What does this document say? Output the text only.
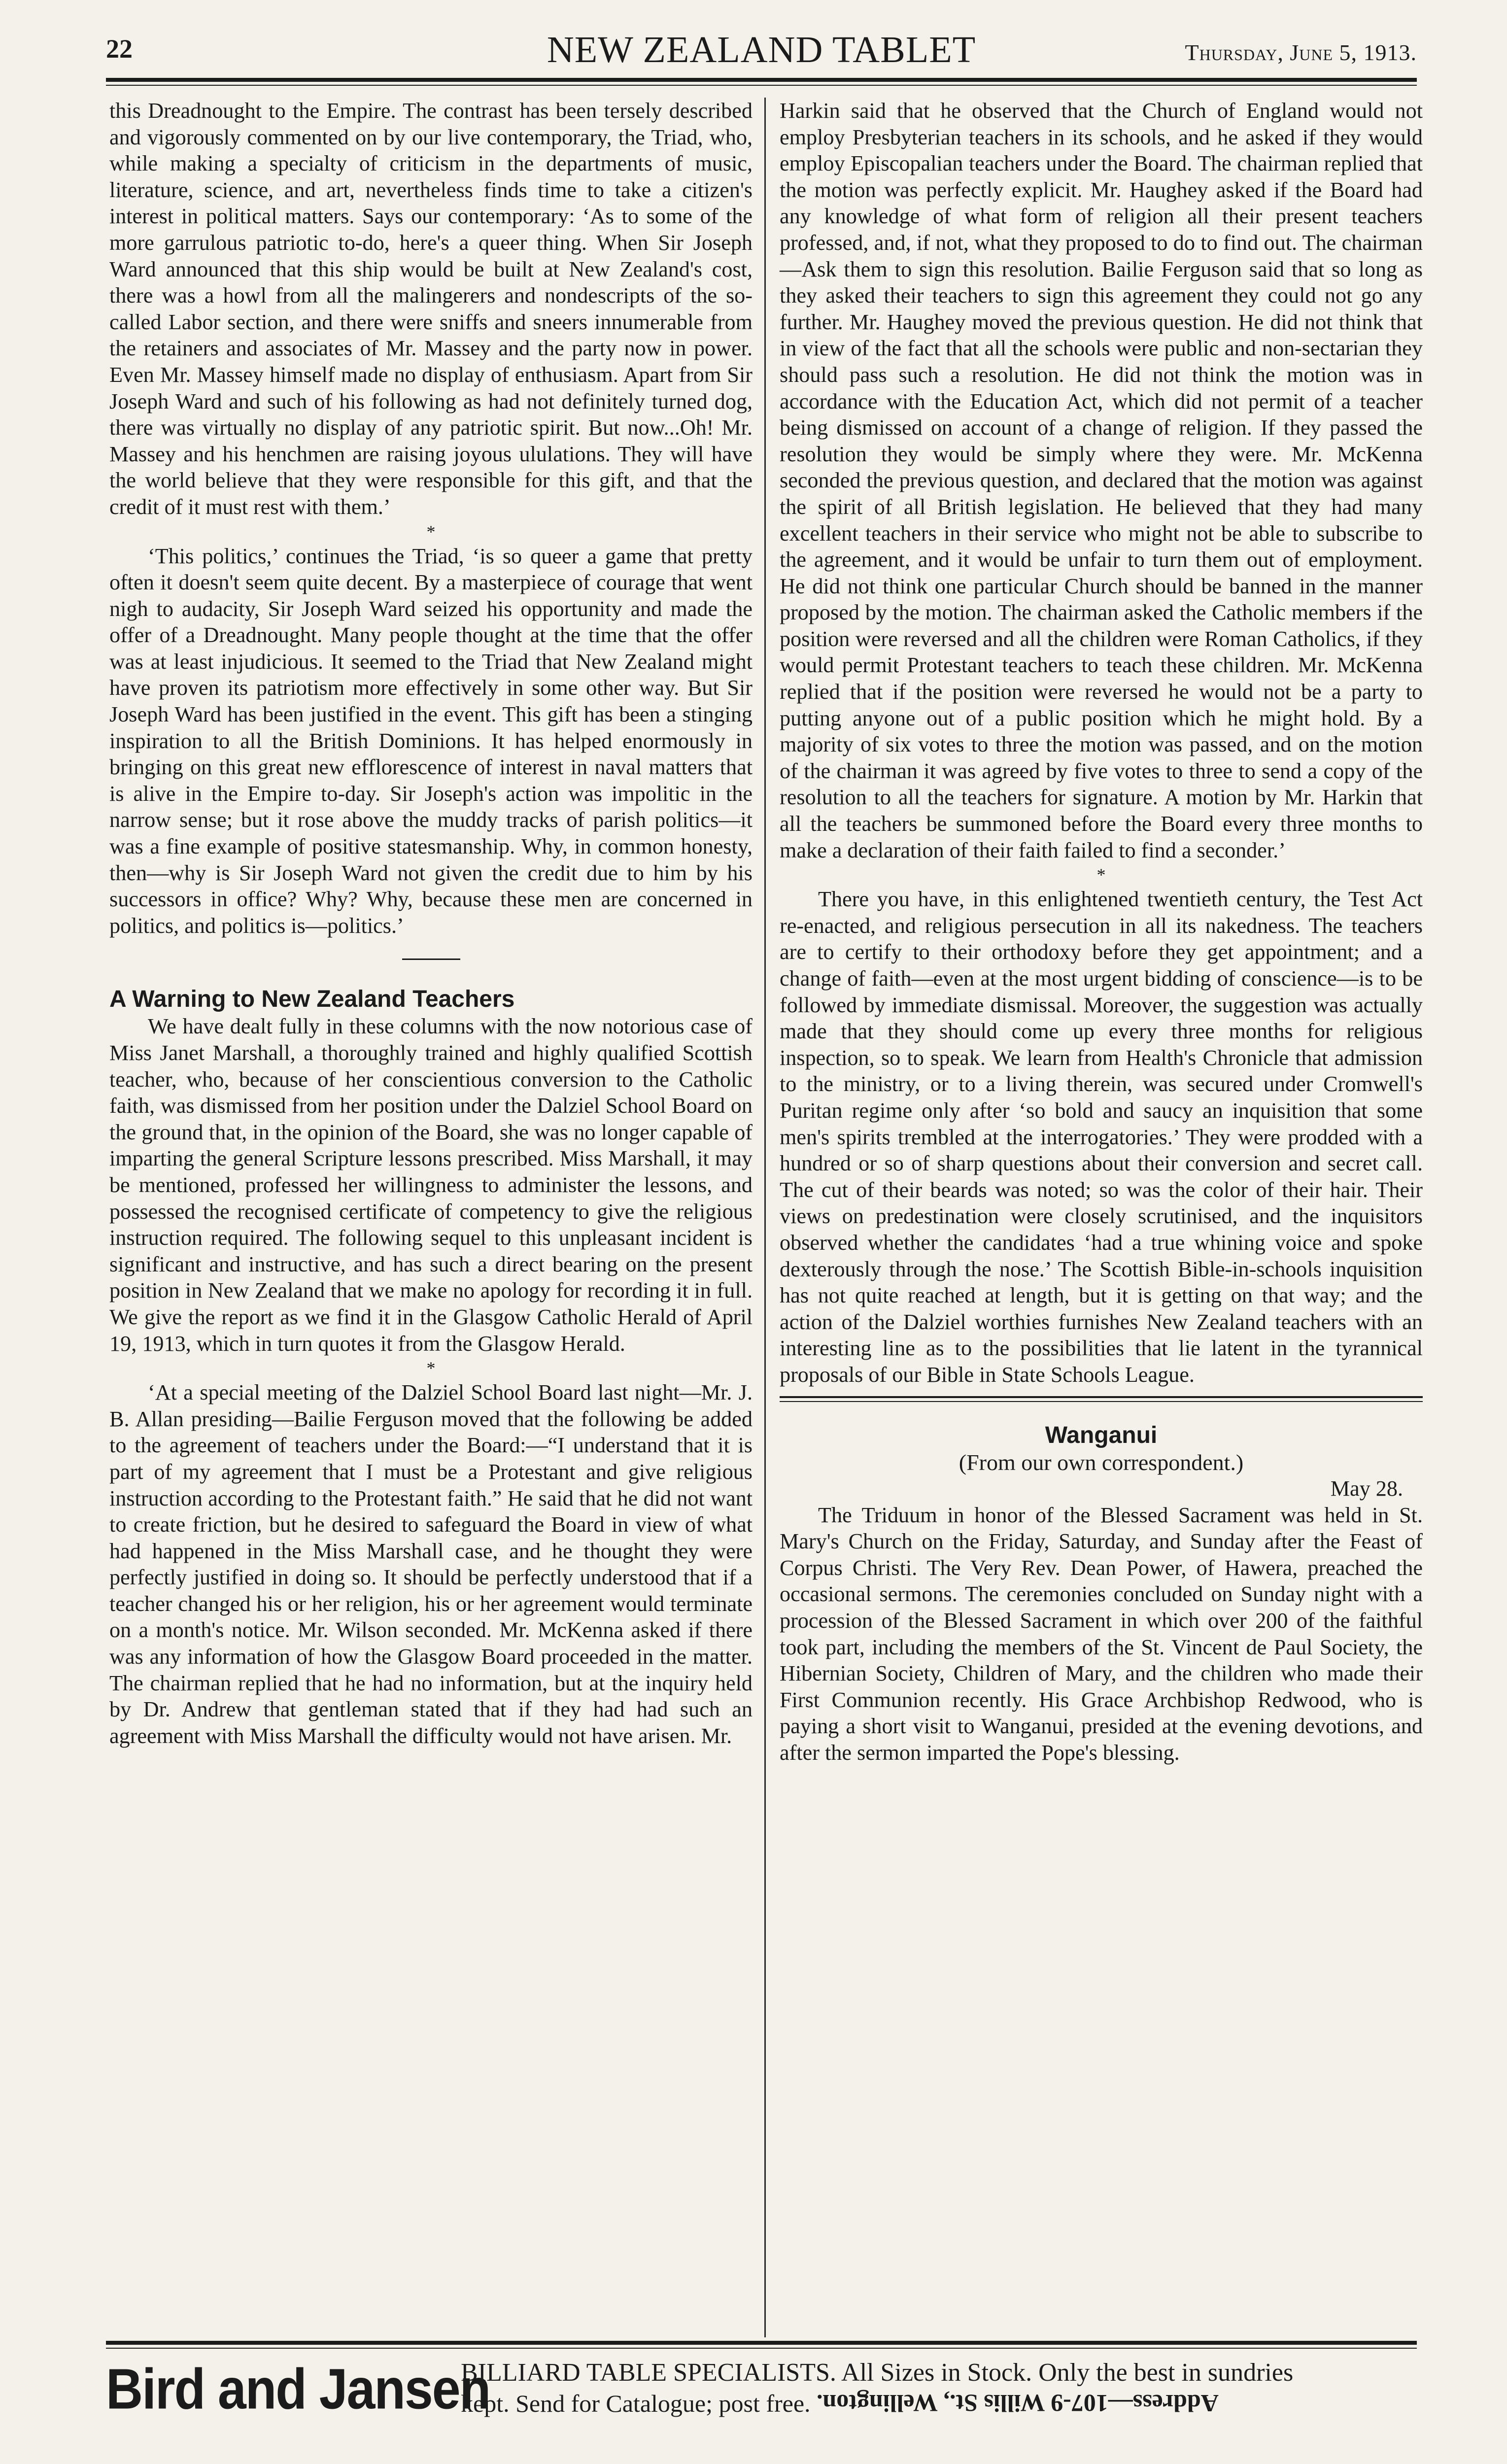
22	NEW ZEALAND TABLET	Thursday, June 5, 1913.

this Dreadnought to the Empire. The contrast has been tersely described and vigorously commented on by our live contemporary, the Triad, who, while making a specialty of criticism in the departments of music, literature, science, and art, nevertheless finds time to take a citizen's interest in political matters. Says our contemporary: ‘As to some of the more garrulous patriotic to-do, here's a queer thing. When Sir Joseph Ward announced that this ship would be built at New Zealand's cost, there was a howl from all the malingerers and nondescripts of the so-called Labor section, and there were sniffs and sneers innumerable from the retainers and associates of Mr. Massey and the party now in power. Even Mr. Massey himself made no display of enthusiasm. Apart from Sir Joseph Ward and such of his following as had not definitely turned dog, there was virtually no display of any patriotic spirit. But now...Oh! Mr. Massey and his henchmen are raising joyous ululations. They will have the world believe that they were responsible for this gift, and that the credit of it must rest with them.’

*

‘This politics,’ continues the Triad, ‘is so queer a game that pretty often it doesn't seem quite decent. By a masterpiece of courage that went nigh to audacity, Sir Joseph Ward seized his opportunity and made the offer of a Dreadnought. Many people thought at the time that the offer was at least injudicious. It seemed to the Triad that New Zealand might have proven its patriotism more effectively in some other way. But Sir Joseph Ward has been justified in the event. This gift has been a stinging inspiration to all the British Dominions. It has helped enormously in bringing on this great new efflorescence of interest in naval matters that is alive in the Empire to-day. Sir Joseph's action was impolitic in the narrow sense; but it rose above the muddy tracks of parish politics—it was a fine example of positive statesmanship. Why, in common honesty, then—why is Sir Joseph Ward not given the credit due to him by his successors in office? Why? Why, because these men are concerned in politics, and politics is—politics.’

A Warning to New Zealand Teachers

We have dealt fully in these columns with the now notorious case of Miss Janet Marshall, a thoroughly trained and highly qualified Scottish teacher, who, because of her conscientious conversion to the Catholic faith, was dismissed from her position under the Dalziel School Board on the ground that, in the opinion of the Board, she was no longer capable of imparting the general Scripture lessons prescribed. Miss Marshall, it may be mentioned, professed her willingness to administer the lessons, and possessed the recognised certificate of competency to give the religious instruction required. The following sequel to this unpleasant incident is significant and instructive, and has such a direct bearing on the present position in New Zealand that we make no apology for recording it in full. We give the report as we find it in the Glasgow Catholic Herald of April 19, 1913, which in turn quotes it from the Glasgow Herald.

*

‘At a special meeting of the Dalziel School Board last night—Mr. J. B. Allan presiding—Bailie Ferguson moved that the following be added to the agreement of teachers under the Board:—“I understand that it is part of my agreement that I must be a Protestant and give religious instruction according to the Protestant faith.” He said that he did not want to create friction, but he desired to safeguard the Board in view of what had happened in the Miss Marshall case, and he thought they were perfectly justified in doing so. It should be perfectly understood that if a teacher changed his or her religion, his or her agreement would terminate on a month's notice. Mr. Wilson seconded. Mr. McKenna asked if there was any information of how the Glasgow Board proceeded in the matter. The chairman replied that he had no information, but at the inquiry held by Dr. Andrew that gentleman stated that if they had had such an agreement with Miss Marshall the difficulty would not have arisen. Mr.

Harkin said that he observed that the Church of England would not employ Presbyterian teachers in its schools, and he asked if they would employ Episcopalian teachers under the Board. The chairman replied that the motion was perfectly explicit. Mr. Haughey asked if the Board had any knowledge of what form of religion all their present teachers professed, and, if not, what they proposed to do to find out. The chairman—Ask them to sign this resolution. Bailie Ferguson said that so long as they asked their teachers to sign this agreement they could not go any further. Mr. Haughey moved the previous question. He did not think that in view of the fact that all the schools were public and non-sectarian they should pass such a resolution. He did not think the motion was in accordance with the Education Act, which did not permit of a teacher being dismissed on account of a change of religion. If they passed the resolution they would be simply where they were. Mr. McKenna seconded the previous question, and declared that the motion was against the spirit of all British legislation. He believed that they had many excellent teachers in their service who might not be able to subscribe to the agreement, and it would be unfair to turn them out of employment. He did not think one particular Church should be banned in the manner proposed by the motion. The chairman asked the Catholic members if the position were reversed and all the children were Roman Catholics, if they would permit Protestant teachers to teach these children. Mr. McKenna replied that if the position were reversed he would not be a party to putting anyone out of a public position which he might hold. By a majority of six votes to three the motion was passed, and on the motion of the chairman it was agreed by five votes to three to send a copy of the resolution to all the teachers for signature. A motion by Mr. Harkin that all the teachers be summoned before the Board every three months to make a declaration of their faith failed to find a seconder.’

*

There you have, in this enlightened twentieth century, the Test Act re-enacted, and religious persecution in all its nakedness. The teachers are to certify to their orthodoxy before they get appointment; and a change of faith—even at the most urgent bidding of conscience—is to be followed by immediate dismissal. Moreover, the suggestion was actually made that they should come up every three months for religious inspection, so to speak. We learn from Health's Chronicle that admission to the ministry, or to a living therein, was secured under Cromwell's Puritan regime only after ‘so bold and saucy an inquisition that some men's spirits trembled at the interrogatories.’ They were prodded with a hundred or so of sharp questions about their conversion and secret call. The cut of their beards was noted; so was the color of their hair. Their views on predestination were closely scrutinised, and the inquisitors observed whether the candidates ‘had a true whining voice and spoke dexterously through the nose.’ The Scottish Bible-in-schools inquisition has not quite reached at length, but it is getting on that way; and the action of the Dalziel worthies furnishes New Zealand teachers with an interesting line as to the possibilities that lie latent in the tyrannical proposals of our Bible in State Schools League.

Wanganui

(From our own correspondent.)

May 28.

The Triduum in honor of the Blessed Sacrament was held in St. Mary's Church on the Friday, Saturday, and Sunday after the Feast of Corpus Christi. The Very Rev. Dean Power, of Hawera, preached the occasional sermons. The ceremonies concluded on Sunday night with a procession of the Blessed Sacrament in which over 200 of the faithful took part, including the members of the St. Vincent de Paul Society, the Hibernian Society, Children of Mary, and the children who made their First Communion recently. His Grace Archbishop Redwood, who is paying a short visit to Wanganui, presided at the evening devotions, and after the sermon imparted the Pope's blessing.

Bird and Jansen
BILLIARD TABLE SPECIALISTS. All Sizes in Stock. Only the best in sundries
kept. Send for Catalogue; post free. Address—107-9 Willis St., Wellington.
